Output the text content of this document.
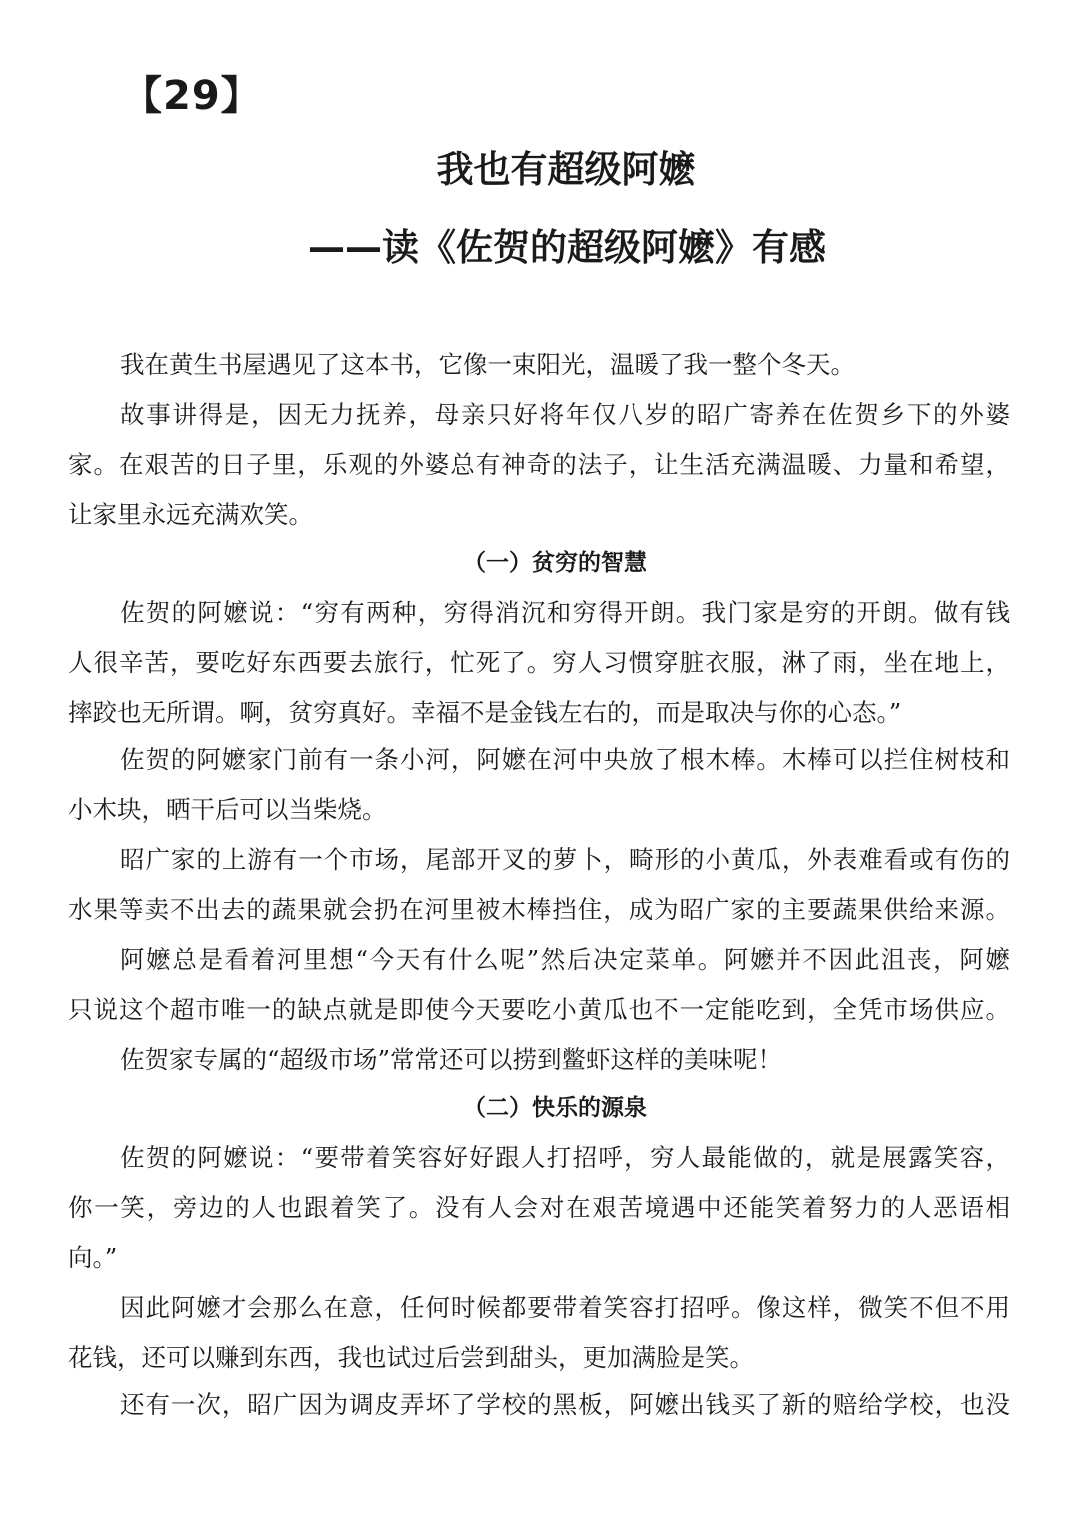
【29】
我也有超级阿嬷
——读《佐贺的超级阿嬷》有感
我在黄生书屋遇见了这本书，它像一束阳光，温暖了我一整个冬天。
故事讲得是，因无力抚养，母亲只好将年仅八岁的昭广寄养在佐贺乡下的外婆
家。在艰苦的日子里，乐观的外婆总有神奇的法子，让生活充满温暖、力量和希望，
让家里永远充满欢笑。
（一）贫穷的智慧
佐贺的阿嬷说：“穷有两种，穷得消沉和穷得开朗。我门家是穷的开朗。做有钱
人很辛苦，要吃好东西要去旅行，忙死了。穷人习惯穿脏衣服，淋了雨，坐在地上，
摔跤也无所谓。啊，贫穷真好。幸福不是金钱左右的，而是取决与你的心态。”
佐贺的阿嬷家门前有一条小河，阿嬷在河中央放了根木棒。木棒可以拦住树枝和
小木块，晒干后可以当柴烧。
昭广家的上游有一个市场，尾部开叉的萝卜，畸形的小黄瓜，外表难看或有伤的
水果等卖不出去的蔬果就会扔在河里被木棒挡住，成为昭广家的主要蔬果供给来源。
阿嬷总是看着河里想“今天有什么呢”然后决定菜单。阿嬷并不因此沮丧，阿嬷
只说这个超市唯一的缺点就是即使今天要吃小黄瓜也不一定能吃到，全凭市场供应。
佐贺家专属的“超级市场”常常还可以捞到鳖虾这样的美味呢！
（二）快乐的源泉
佐贺的阿嬷说：“要带着笑容好好跟人打招呼，穷人最能做的，就是展露笑容，
你一笑，旁边的人也跟着笑了。没有人会对在艰苦境遇中还能笑着努力的人恶语相
向。”
因此阿嬷才会那么在意，任何时候都要带着笑容打招呼。像这样，微笑不但不用
花钱，还可以赚到东西，我也试过后尝到甜头，更加满脸是笑。
还有一次，昭广因为调皮弄坏了学校的黑板，阿嬷出钱买了新的赔给学校，也没
